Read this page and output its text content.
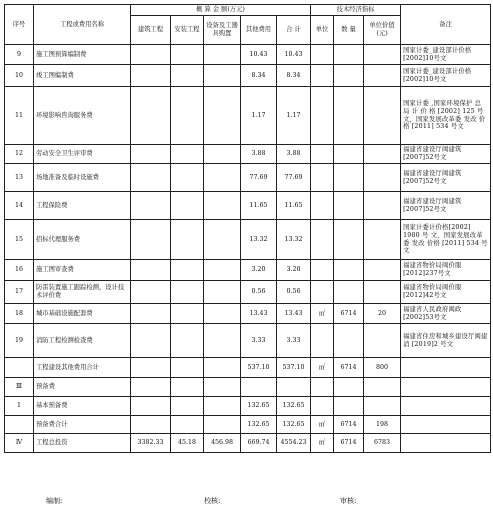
序号	工程或费用名称	概 算 金 额(万元)					技术经济指标			备注
		建筑工程	安装工程	设备及工器具购置	其他费用	合 计	单位	数 量	单位价值(元)	
9	施工图预算编制费				10.43	10.43				国家计委_建设部计价格[2002]10号文
10	竣工图编制费				8.34	8.34				国家计委_建设部计价格[2002]10号文
11	环境影响咨询服务费				1.17	1.17				国家计委 ,国家环境保护 总 局 计 价 格 [2002] 125 号 文，国家发展改革委 发改 价格 [2011] 534 号文
12	劳动安全卫生评审费				3.88	3.88				福建省建设厅闽建筑[2007]52号文
13	场地准备及临时设施费				77.69	77.69				福建省建设厅闽建筑[2007]52号文
14	工程保险费				11.65	11.65				福建省建设厅闽建筑[2007]52号文
15	招标代理服务费				13.32	13.32				国家计委计价格[2002] 1980 号 文，国家发展改革委 发改 价格 [2011] 534 号文
16	施工图审查费				3.20	3.20				福建省物价局闽价服[2012]237号文
17	防雷装置施工跟踪检测，设计技术评价费				0.56	0.56				福建省物价局闽价服[2012]42号文
18	城市基础设施配套费				13.43	13.43	㎡	6714	20	福建省人民政府闽政[2002]53号文
19	消防工程检测检查费				3.33	3.33				福建省住房和城乡建设厅闽建消 [2019]2 号文
	工程建设其他费用合计				537.10	537.10	㎡	6714	800	
Ⅲ	预备费									
1	基本预备费				132.65	132.65				
	预备费合计				132.65	132.65	㎡	6714	198	
Ⅳ	工程总投资	3382.33	45.18	456.98	669.74	4554.23	㎡	6714	6783	
编制:	校核:	审核:
